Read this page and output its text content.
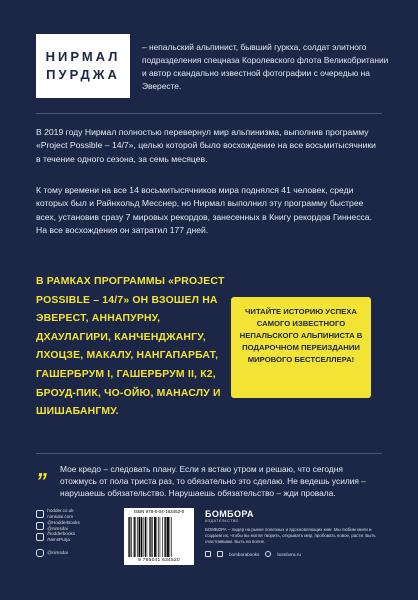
НИРМАЛ
ПУРДЖА
– непальский альпинист, бывший гуркха, солдат элитного подразделения спецназа Королевского флота Великобритании и автор скандально известной фотографии с очередью на Эвересте.
В 2019 году Нирмал полностью перевернул мир альпинизма, выполнив программу «Project Possible – 14/7», целью которой было восхождение на все восьмитысячники в течение одного сезона, за семь месяцев.
К тому времени на все 14 восьмитысячников мира поднялся 41 человек, среди которых был и Райнхольд Месснер, но Нирмал выполнил эту программу быстрее всех, установив сразу 7 мировых рекордов, занесенных в Книгу рекордов Гиннесса. На все восхождения он затратил 177 дней.
В РАМКАХ ПРОГРАММЫ «PROJECT POSSIBLE – 14/7» ОН ВЗОШЕЛ НА ЭВЕРЕСТ, АННАПУРНУ, ДХАУЛАГИРИ, КАНЧЕНДЖАНГУ, ЛХОЦЗЕ, МАКАЛУ, НАНГАПАРБАТ, ГАШЕРБРУМ I, ГАШЕРБРУМ II, К2, БРОУД-ПИК, ЧО-ОЙЮ, МАНАСЛУ И ШИШАБАНГМУ.
ЧИТАЙТЕ ИСТОРИЮ УСПЕХА САМОГО ИЗВЕСТНОГО НЕПАЛЬСКОГО АЛЬПИНИСТА В ПОДАРОЧНОМ ПЕРЕИЗДАНИИ МИРОВОГО БЕСТСЕЛЛЕРА!
„ Мое кредо – следовать плану. Если я встаю утром и решаю, что сегодня отожмусь от пола триста раз, то обязательно это сделаю. Не ведешь усилия – нарушаешь обязательство. Нарушаешь обязательство – жди провала.

hodder.co.uk
nimsdai.com

@HodderBooks
@nimsdai

/hodderbooks
/NimsPurja
@nimsdai
ISBN 978-5-04-163452-0
9 785041 634520
БОМБОРА
ИЗДАТЕЛЬСТВО
БОМБОРА – лидер на рынке полезных и вдохновляющих книг. Мы любим книги и создаем их, чтобы вы могли творить, открывать мир, пробовать новое, расти. Быть счастливыми. Быть на волне.
bomborabooks	bombora.ru
